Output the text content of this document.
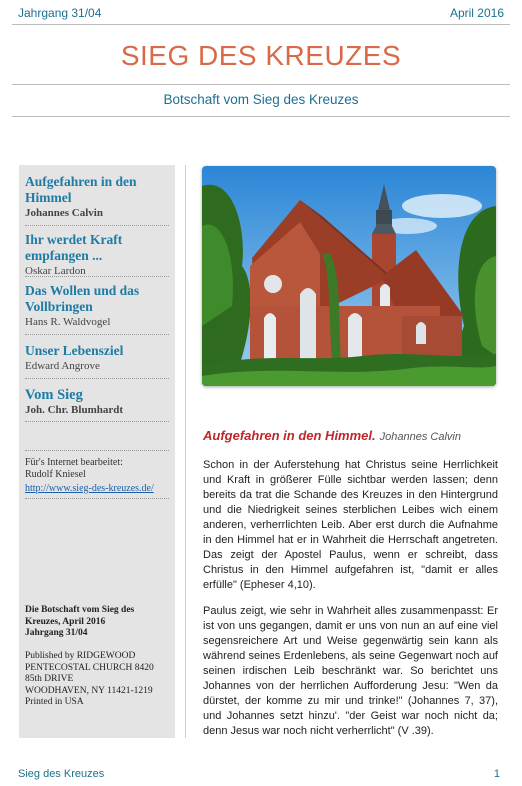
Jahrgang 31/04	April 2016
SIEG DES KREUZES
Botschaft vom Sieg des Kreuzes
Aufgefahren in den Himmel
Johannes Calvin
Ihr werdet Kraft empfangen ...
Oskar Lardon
Das Wollen und das Vollbringen
Hans R. Waldvogel
Unser Lebensziel
Edward Angrove
Vom Sieg
Joh. Chr. Blumhardt
Für's Internet bearbeitet:
Rudolf Kniesel
http://www.sieg-des-kreuzes.de/
Die Botschaft vom Sieg des Kreuzes, April 2016
Jahrgang 31/04
Published by RIDGEWOOD PENTECOSTAL CHURCH 8420 85th DRIVE
WOODHAVEN, NY 11421-1219
Printed in USA
Aufgefahren in den Himmel. Johannes Calvin
Schon in der Auferstehung hat Christus seine Herrlichkeit und Kraft in größerer Fülle sichtbar werden lassen; denn bereits da trat die Schande des Kreuzes in den Hintergrund und die Niedrigkeit seines sterblichen Leibes wich einem anderen, verherrlichten Leib. Aber erst durch die Aufnahme in den Himmel hat er in Wahrheit die Herrschaft angetreten. Das zeigt der Apostel Paulus, wenn er schreibt, dass Christus in den Himmel aufgefahren ist, "damit er alles erfülle" (Epheser 4,10).
Paulus zeigt, wie sehr in Wahrheit alles zusammenpasst: Er ist von uns gegangen, damit er uns von nun an auf eine viel segensreichere Art und Weise gegenwärtig sein kann als während seines Erdenlebens, als seine Gegenwart noch auf seinen irdischen Leib beschränkt war. So berichtet uns Johannes von der herrlichen Aufforderung Jesu: "Wen da dürstet, der komme zu mir und trinke!" (Johannes 7, 37), und Johannes setzt hinzu'. "der Geist war noch nicht da; denn Jesus war noch nicht verherrlicht" (V .39).
Sieg des Kreuzes	1
